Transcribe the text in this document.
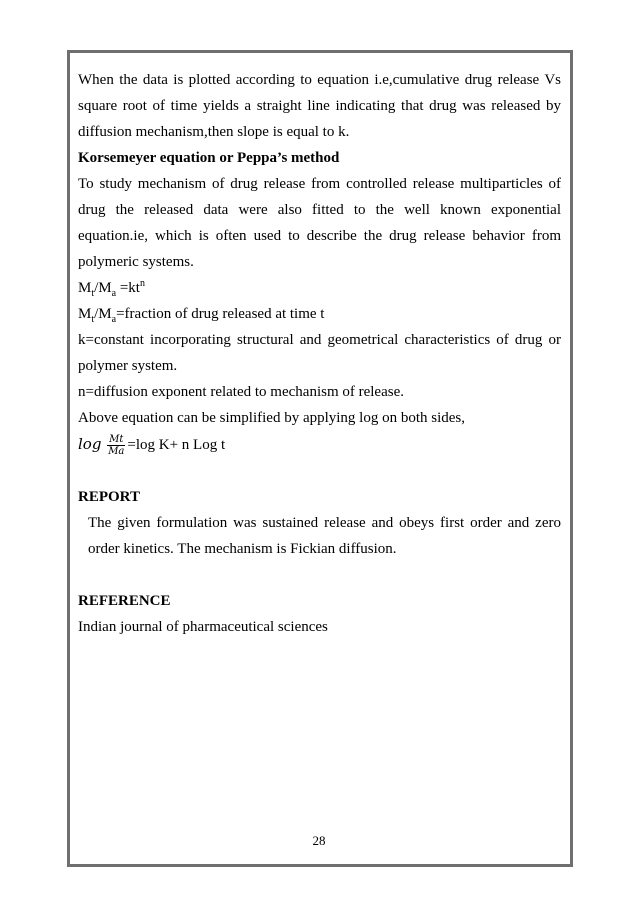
When the data is plotted according to equation i.e,cumulative drug release Vs square root of time yields a straight line indicating that drug was released by diffusion mechanism,then slope is equal to k.

Korsemeyer equation or Peppa’s method

To study mechanism of drug release from controlled release multiparticles of drug the released data were also fitted to the well known exponential equation.ie, which is often used to describe the drug release behavior from polymeric systems.

$M_t/M_a =kt^n$

$M_t/M_a=fraction$ of drug released at time t

k=constant incorporating structural and geometrical characteristics of drug or polymer system.

n=diffusion exponent related to mechanism of release.

Above equation can be simplified by applying log on both sides,

$\log \frac{Mt}{Ma} =\log$ K+ n Log t

REPORT

The given formulation was sustained release and obeys first order and zero order kinetics. The mechanism is Fickian diffusion.

REFERENCE

Indian journal of pharmaceutical sciences

28
